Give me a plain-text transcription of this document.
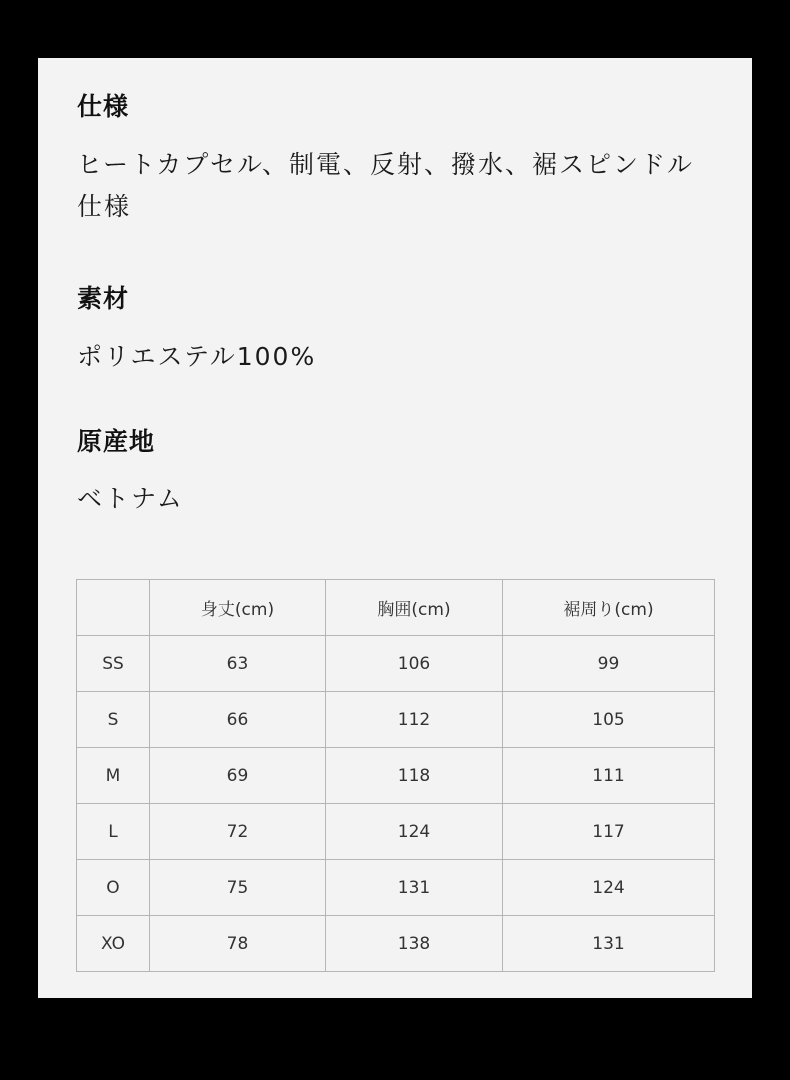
仕様

ヒートカプセル、制電、反射、撥水、裾スピンドル仕様

素材

ポリエステル100%

原産地

ベトナム

	身丈(cm)	胸囲(cm)	裾周り(cm)
SS	63	106	99
S	66	112	105
M	69	118	111
L	72	124	117
O	75	131	124
XO	78	138	131
